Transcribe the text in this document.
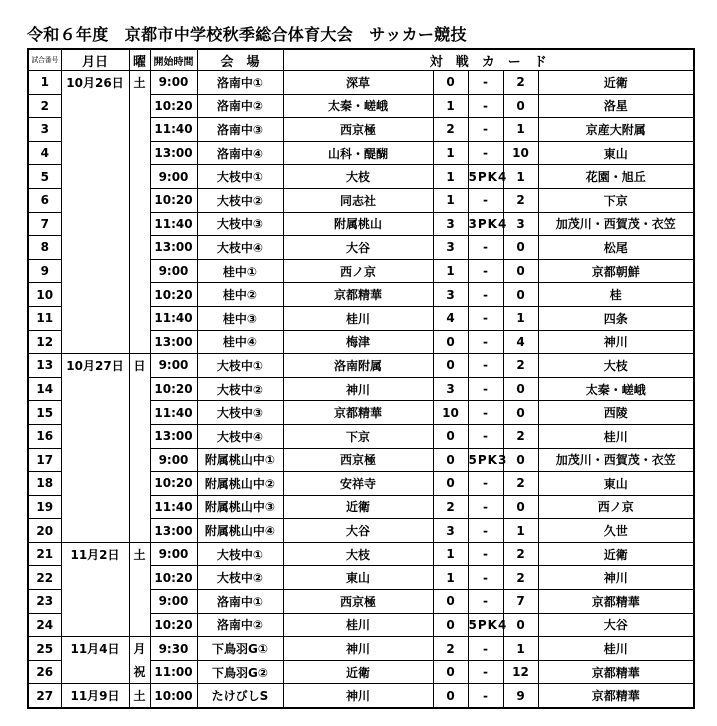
令和６年度　京都市中学校秋季総合体育大会　サッカー競技
試合番号	月日	曜	開始時間	会　場	対　戦　カ　ー　ド				
1	10月26日	土	9:00	洛南中①	深草	0	-	2	近衛
2			10:20	洛南中②	太秦・嵯峨	1	-	0	洛星
3			11:40	洛南中③	西京極	2	-	1	京産大附属
4			13:00	洛南中④	山科・醍醐	1	-	10	東山
5			9:00	大枝中①	大枝	1	5PK4	1	花園・旭丘
6			10:20	大枝中②	同志社	1	-	2	下京
7			11:40	大枝中③	附属桃山	3	3PK4	3	加茂川・西賀茂・衣笠
8			13:00	大枝中④	大谷	3	-	0	松尾
9			9:00	桂中①	西ノ京	1	-	0	京都朝鮮
10			10:20	桂中②	京都精華	3	-	0	桂
11			11:40	桂中③	桂川	4	-	1	四条
12			13:00	桂中④	梅津	0	-	4	神川
13	10月27日	日	9:00	大枝中①	洛南附属	0	-	2	大枝
14			10:20	大枝中②	神川	3	-	0	太秦・嵯峨
15			11:40	大枝中③	京都精華	10	-	0	西陵
16			13:00	大枝中④	下京	0	-	2	桂川
17			9:00	附属桃山中①	西京極	0	5PK3	0	加茂川・西賀茂・衣笠
18			10:20	附属桃山中②	安祥寺	0	-	2	東山
19			11:40	附属桃山中③	近衛	2	-	0	西ノ京
20			13:00	附属桃山中④	大谷	3	-	1	久世
21	11月2日	土	9:00	大枝中①	大枝	1	-	2	近衛
22			10:20	大枝中②	東山	1	-	2	神川
23			9:00	洛南中①	西京極	0	-	7	京都精華
24			10:20	洛南中②	桂川	0	5PK4	0	大谷
25	11月4日	月	9:30	下鳥羽G①	神川	2	-	1	桂川
26		祝	11:00	下鳥羽G②	近衛	0	-	12	京都精華
27	11月9日	土	10:00	たけびしS	神川	0	-	9	京都精華
